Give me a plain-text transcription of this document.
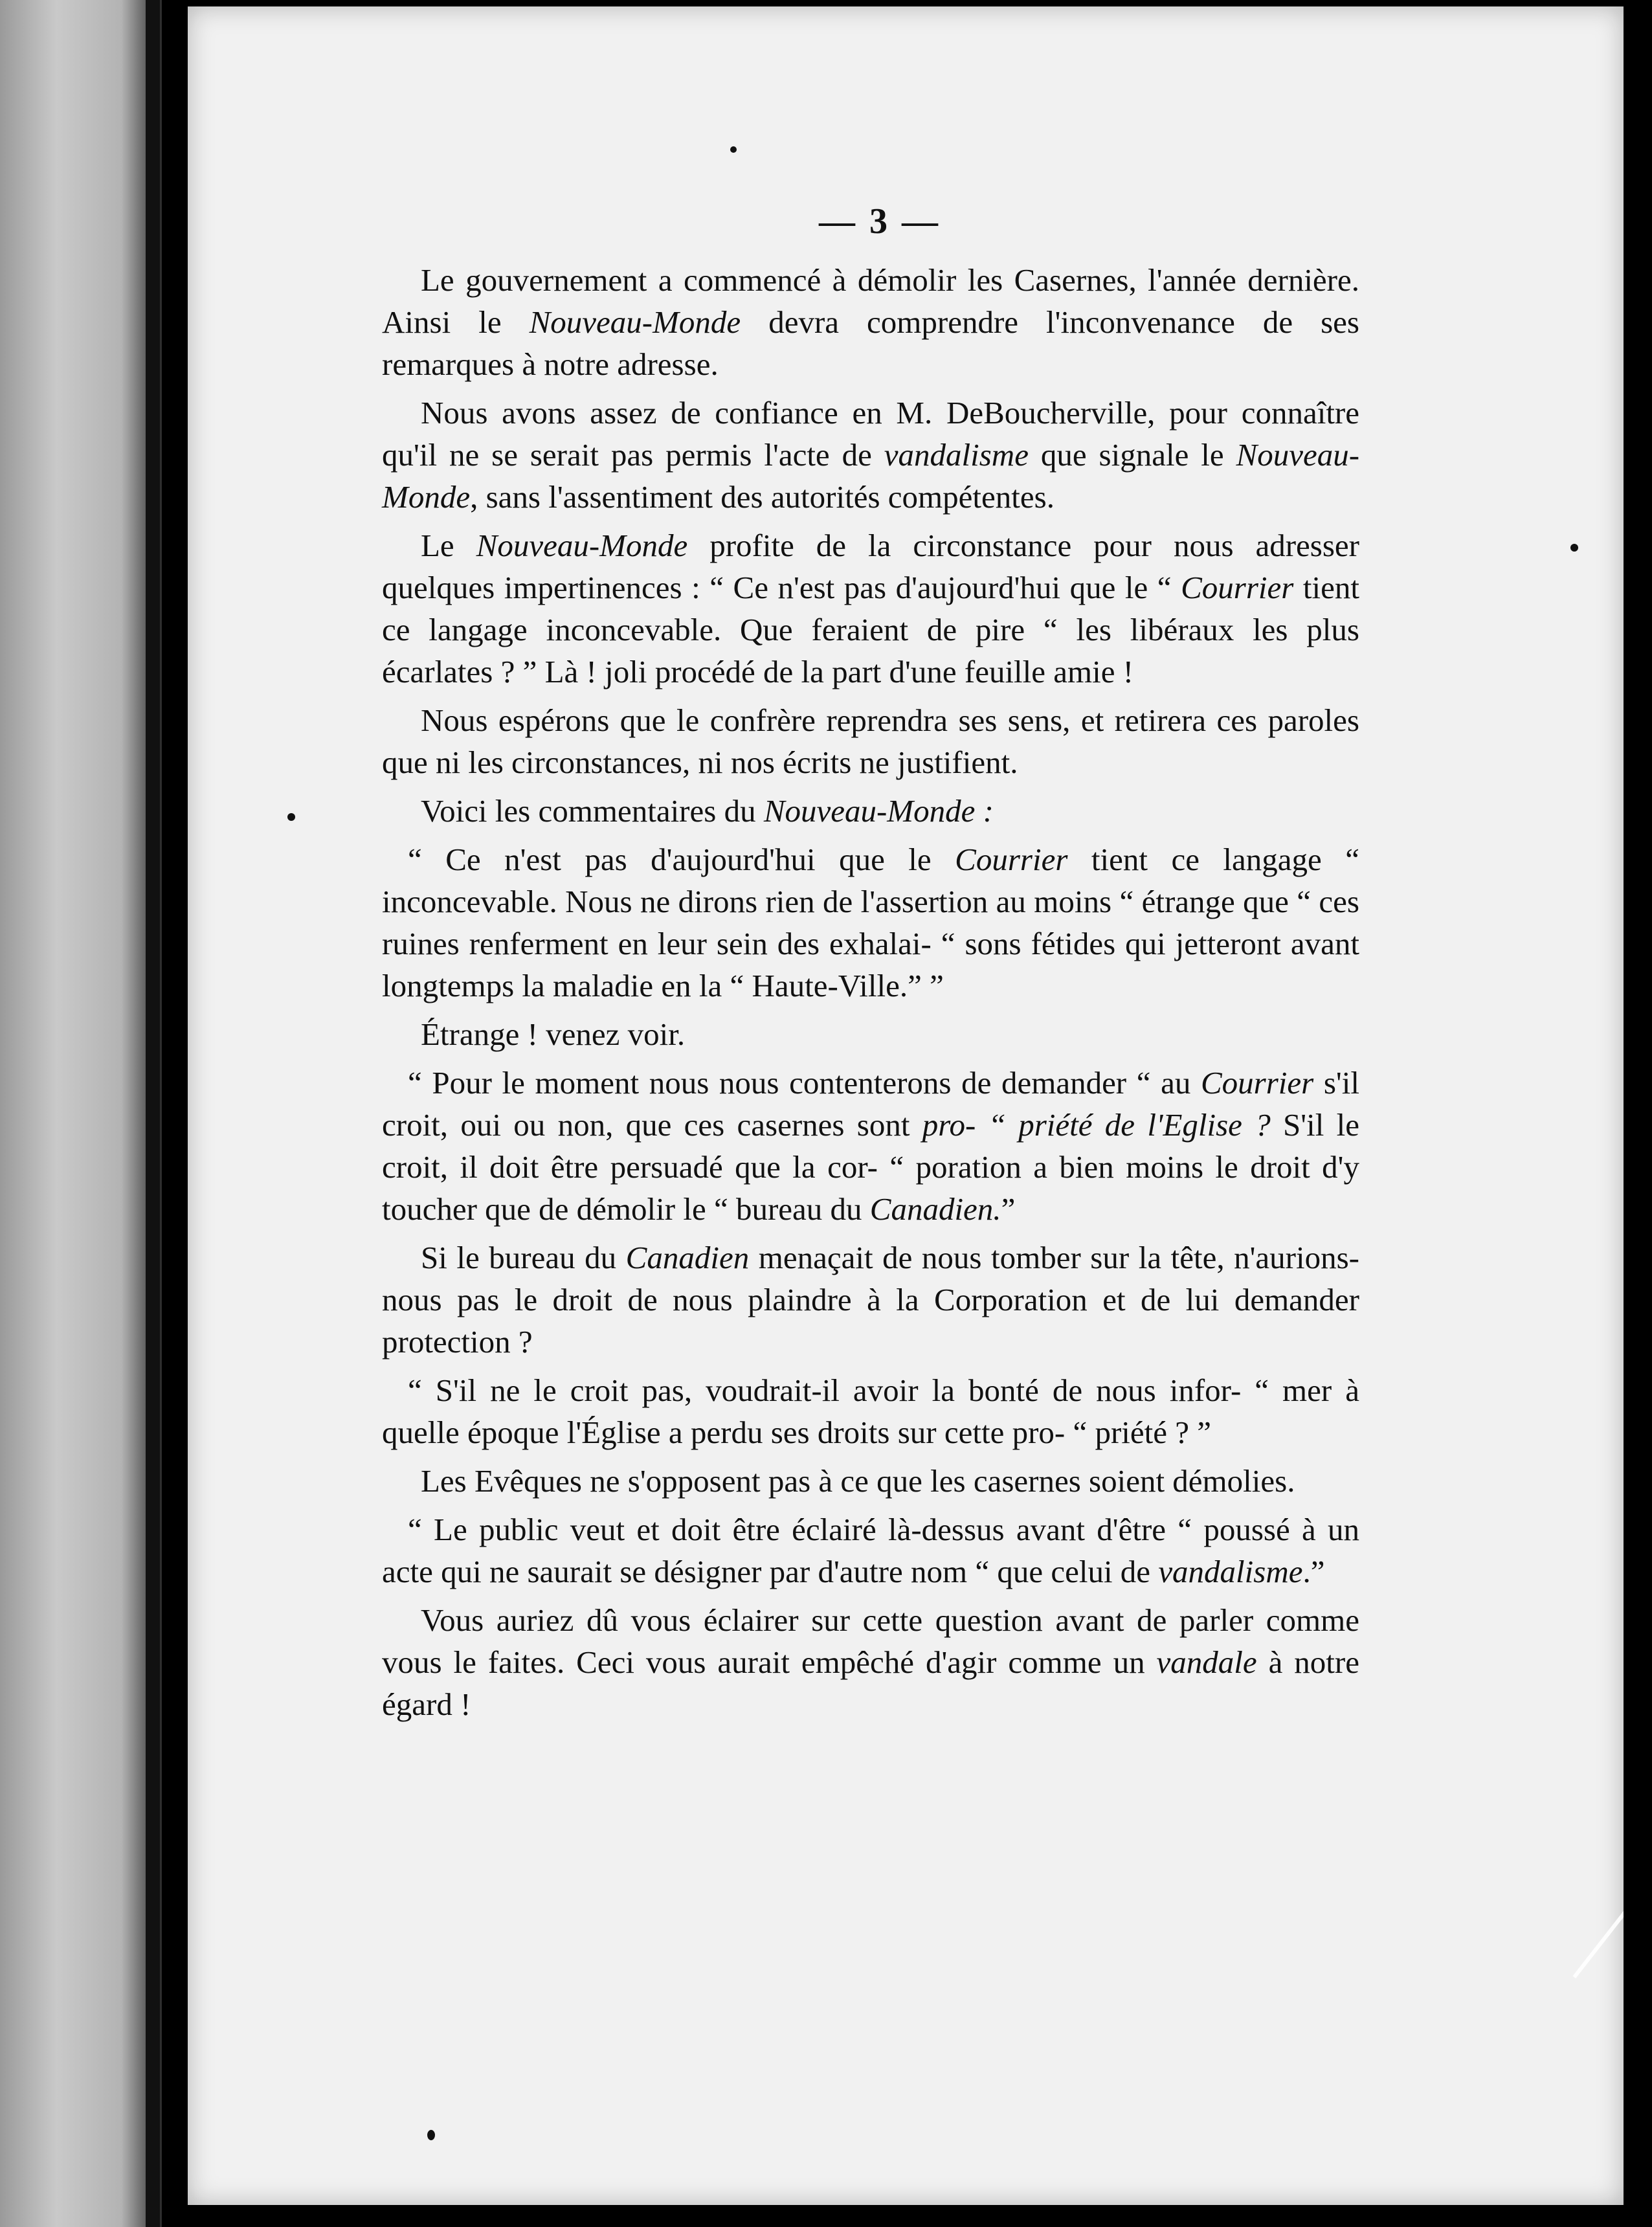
— 3 —

Le gouvernement a commencé à démolir les Casernes, l'année dernière. Ainsi le Nouveau-Monde devra comprendre l'inconvenance de ses remarques à notre adresse.

Nous avons assez de confiance en M. DeBoucherville, pour connaître qu'il ne se serait pas permis l'acte de vandalisme que signale le Nouveau-Monde, sans l'assentiment des autorités compétentes.

Le Nouveau-Monde profite de la circonstance pour nous adresser quelques impertinences : “ Ce n'est pas d'aujourd'hui que le “ Courrier tient ce langage inconcevable. Que feraient de pire “ les libéraux les plus écarlates ? ” Là ! joli procédé de la part d'une feuille amie !

Nous espérons que le confrère reprendra ses sens, et retirera ces paroles que ni les circonstances, ni nos écrits ne justifient.

Voici les commentaires du Nouveau-Monde :

“ Ce n'est pas d'aujourd'hui que le Courrier tient ce langage “ inconcevable. Nous ne dirons rien de l'assertion au moins “ étrange que “ ces ruines renferment en leur sein des exhalai- “ sons fétides qui jetteront avant longtemps la maladie en la “ Haute-Ville.” ”

Étrange ! venez voir.

“ Pour le moment nous nous contenterons de demander “ au Courrier s'il croit, oui ou non, que ces casernes sont pro- “ priété de l'Eglise ? S'il le croit, il doit être persuadé que la cor- “ poration a bien moins le droit d'y toucher que de démolir le “ bureau du Canadien.”

Si le bureau du Canadien menaçait de nous tomber sur la tête, n'aurions-nous pas le droit de nous plaindre à la Corporation et de lui demander protection ?

“ S'il ne le croit pas, voudrait-il avoir la bonté de nous infor- “ mer à quelle époque l'Église a perdu ses droits sur cette pro- “ priété ? ”

Les Evêques ne s'opposent pas à ce que les casernes soient démolies.

“ Le public veut et doit être éclairé là-dessus avant d'être “ poussé à un acte qui ne saurait se désigner par d'autre nom “ que celui de vandalisme.”

Vous auriez dû vous éclairer sur cette question avant de parler comme vous le faites. Ceci vous aurait empêché d'agir comme un vandale à notre égard !
